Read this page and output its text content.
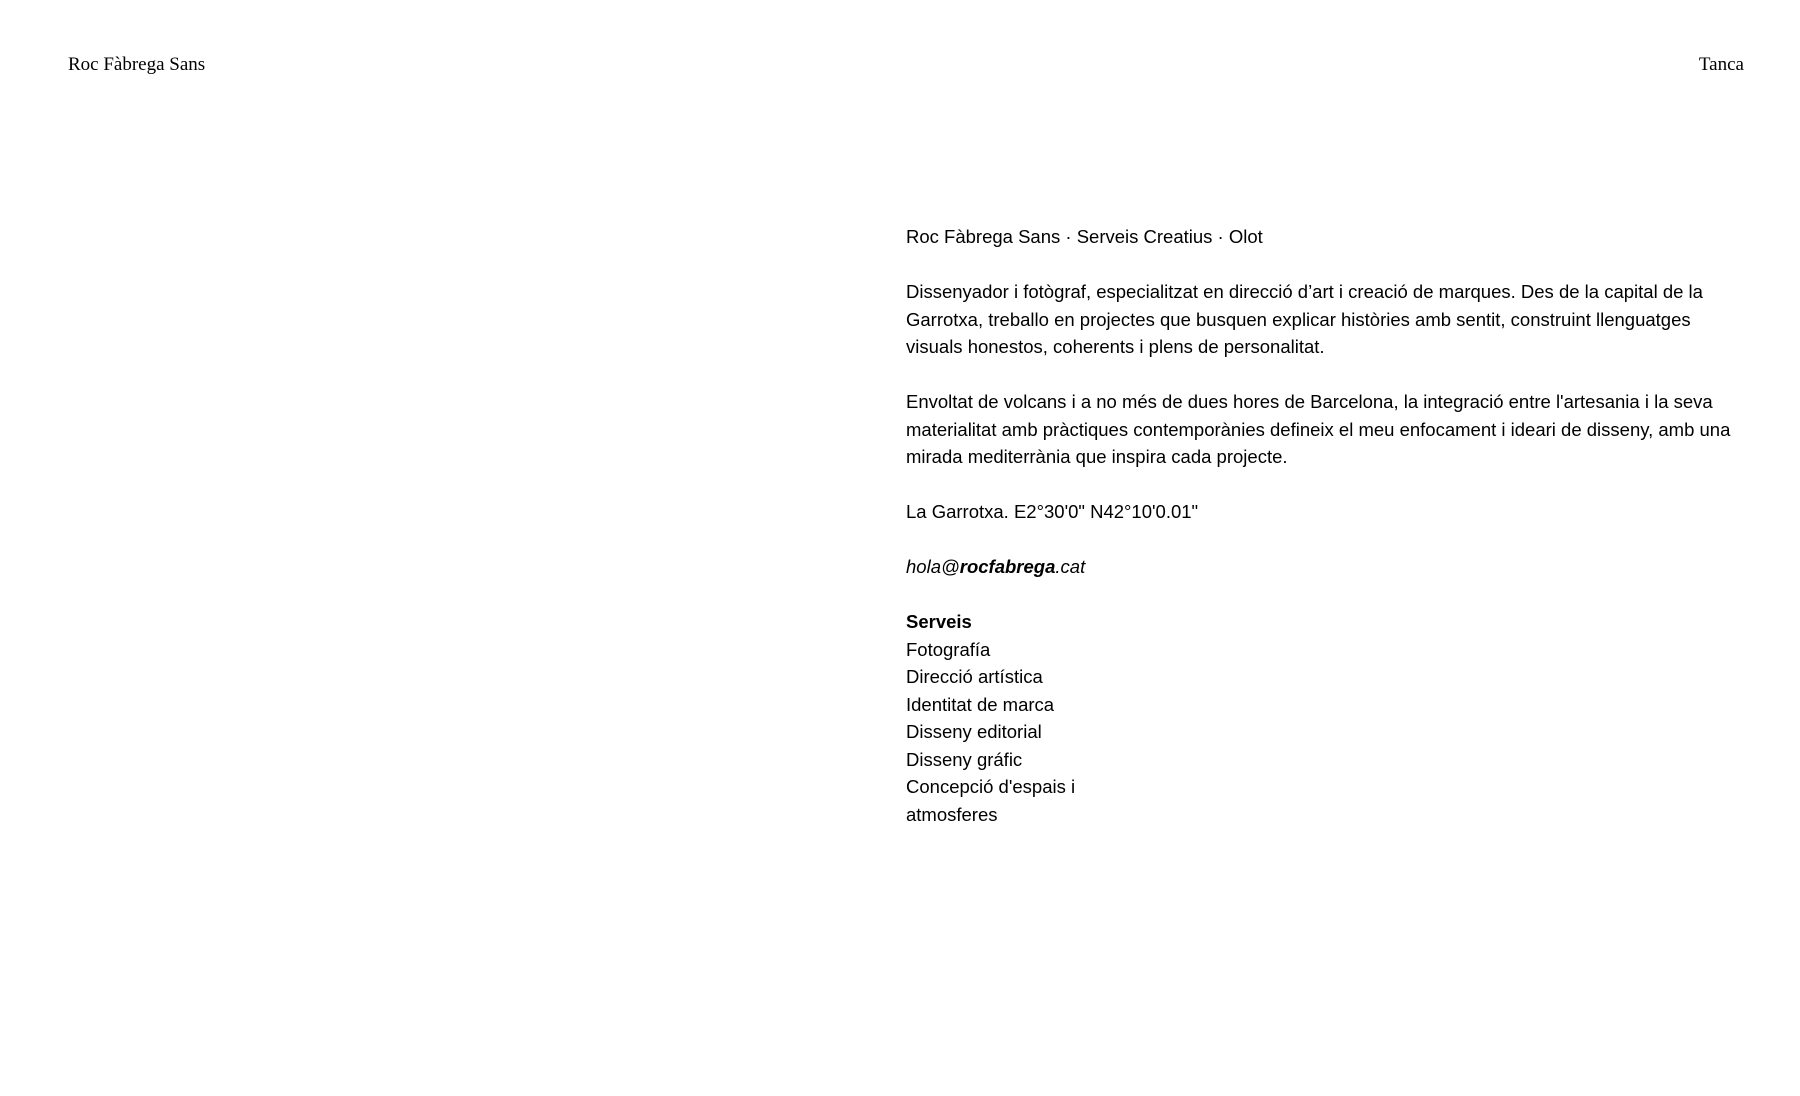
Roc Fàbrega Sans	Tanca

Roc Fàbrega Sans · Serveis Creatius · Olot

Dissenyador i fotògraf, especialitzat en direcció d’art i creació de marques. Des de la capital de la Garrotxa, treballo en projectes que busquen explicar històries amb sentit, construint llenguatges visuals honestos, coherents i plens de personalitat.

Envoltat de volcans i a no més de dues hores de Barcelona, la integració entre l'artesania i la seva materialitat amb pràctiques contemporànies defineix el meu enfocament i ideari de disseny, amb una mirada mediterrània que inspira cada projecte.

La Garrotxa. E2°30'0" N42°10'0.01"

hola@rocfabrega.cat

Serveis
Fotografía
Direcció artística
Identitat de marca
Disseny editorial
Disseny gráfic
Concepció d'espais i atmosferes
